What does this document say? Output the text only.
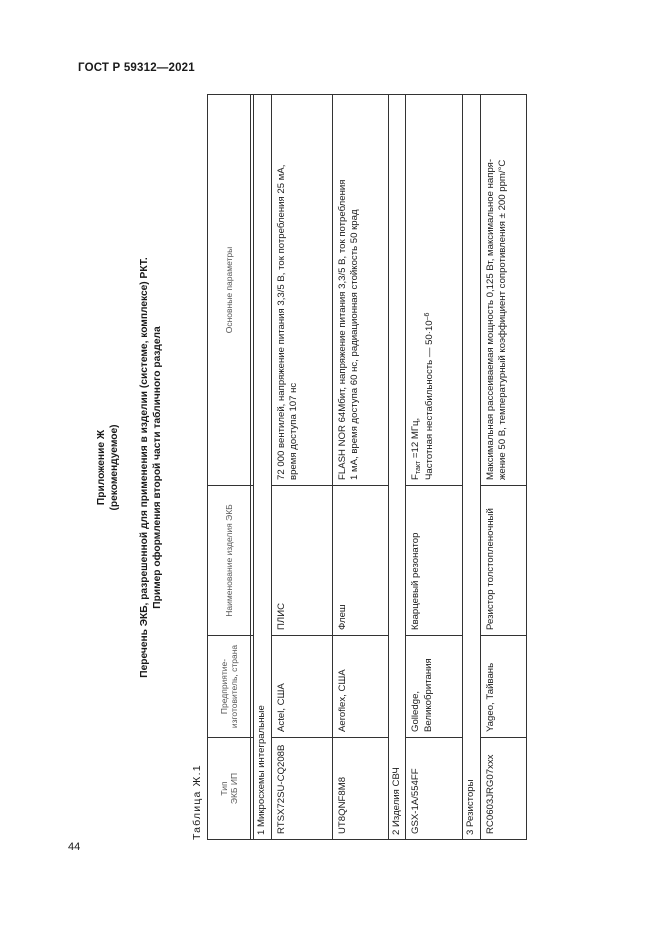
ГОСТ Р 59312—2021
44
Приложение Ж (рекомендуемое) Перечень ЭКБ, разрешенной для применения в изделии (системе, комплексе) РКТ. Пример оформления второй части табличного раздела
Таблица Ж.1 Тип ЭКБ ИП	Предприятие- изготовитель, страна	Наименование изделия ЭКБ	Основные параметры

1 Микросхемы интегральные			
RTSX72SU-CQ208B	Actel, США	ПЛИС	72 000 вентилей, напряжение питания 3,3/5 В, ток потребления 25 мА, время доступа 107 нс

UT8QNF8M8	Aeroflex, США	Флеш	FLASH NOR 64Мбит, напряжение питания 3,3/5 В, ток потребления 1 мА, время доступа 60 нс, радиационная стойкость 50 крад

2 Изделия СВЧ			
GSX-1A/554FF	Golledge, Великобритания	Кварцевый резонатор	$F_{такт} =12$ МГц, Частотная нестабильность — $50\cdot 10^{-6}$

3 Резисторы			
RC0603JRG07xxx	Yageo, Тайвань	Резистор толстопленочный	Максимальная рассеиваемая мощность 0,125 Вт, максимальное напря- жение 50 В, температурный коэффициент сопротивления ± 200 ppm/°C
